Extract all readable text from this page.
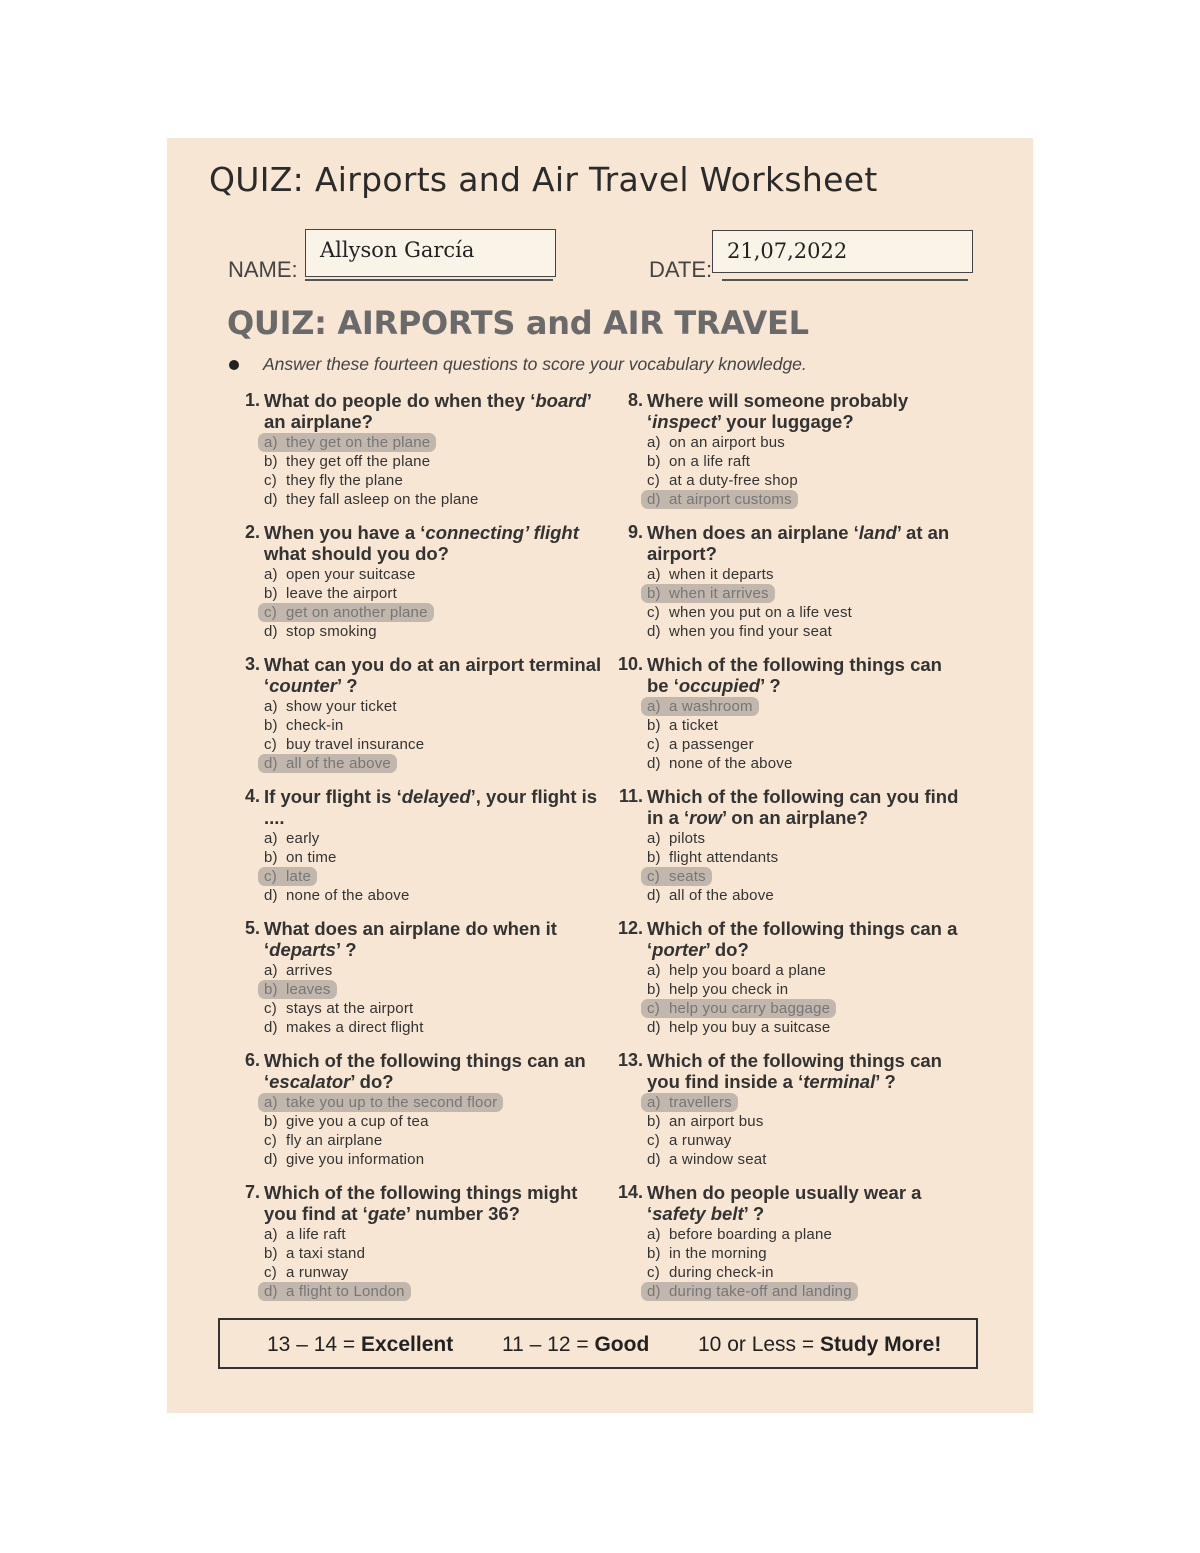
QUIZ: Airports and Air Travel Worksheet
NAME:
Allyson García
DATE:
21,07,2022
QUIZ: AIRPORTS and AIR TRAVEL
Answer these fourteen questions to score your vocabulary knowledge.
1. What do people do when they ‘board’ an airplane?

a) they get on the plane
b) they get off the plane
c) they fly the plane
d) they fall asleep on the plane
2. When you have a ‘connecting’ flight what should you do?

a) open your suitcase
b) leave the airport
c) get on another plane
d) stop smoking
3. What can you do at an airport terminal ‘counter’ ?

a) show your ticket
b) check-in
c) buy travel insurance
d) all of the above
4. If your flight is ‘delayed’, your flight is ....

a) early
b) on time
c) late
d) none of the above
5. What does an airplane do when it ‘departs’ ?

a) arrives
b) leaves
c) stays at the airport
d) makes a direct flight
6. Which of the following things can an ‘escalator’ do?

a) take you up to the second floor
b) give you a cup of tea
c) fly an airplane
d) give you information
7. Which of the following things might you find at ‘gate’ number 36?

a) a life raft
b) a taxi stand
c) a runway
d) a flight to London
8. Where will someone probably ‘inspect’ your luggage?

a) on an airport bus
b) on a life raft
c) at a duty-free shop
d) at airport customs
9. When does an airplane ‘land’ at an airport?

a) when it departs
b) when it arrives
c) when you put on a life vest
d) when you find your seat
10. Which of the following things can be ‘occupied’ ?

a) a washroom
b) a ticket
c) a passenger
d) none of the above
11. Which of the following can you find in a ‘row’ on an airplane?

a) pilots
b) flight attendants
c) seats
d) all of the above
12. Which of the following things can a ‘porter’ do?

a) help you board a plane
b) help you check in
c) help you carry baggage
d) help you buy a suitcase
13. Which of the following things can you find inside a ‘terminal’ ?

a) travellers
b) an airport bus
c) a runway
d) a window seat
14. When do people usually wear a ‘safety belt’ ?

a) before boarding a plane
b) in the morning
c) during check-in
d) during take-off and landing
13 – 14 = Excellent 11 – 12 = Good 10 or Less = Study More!
